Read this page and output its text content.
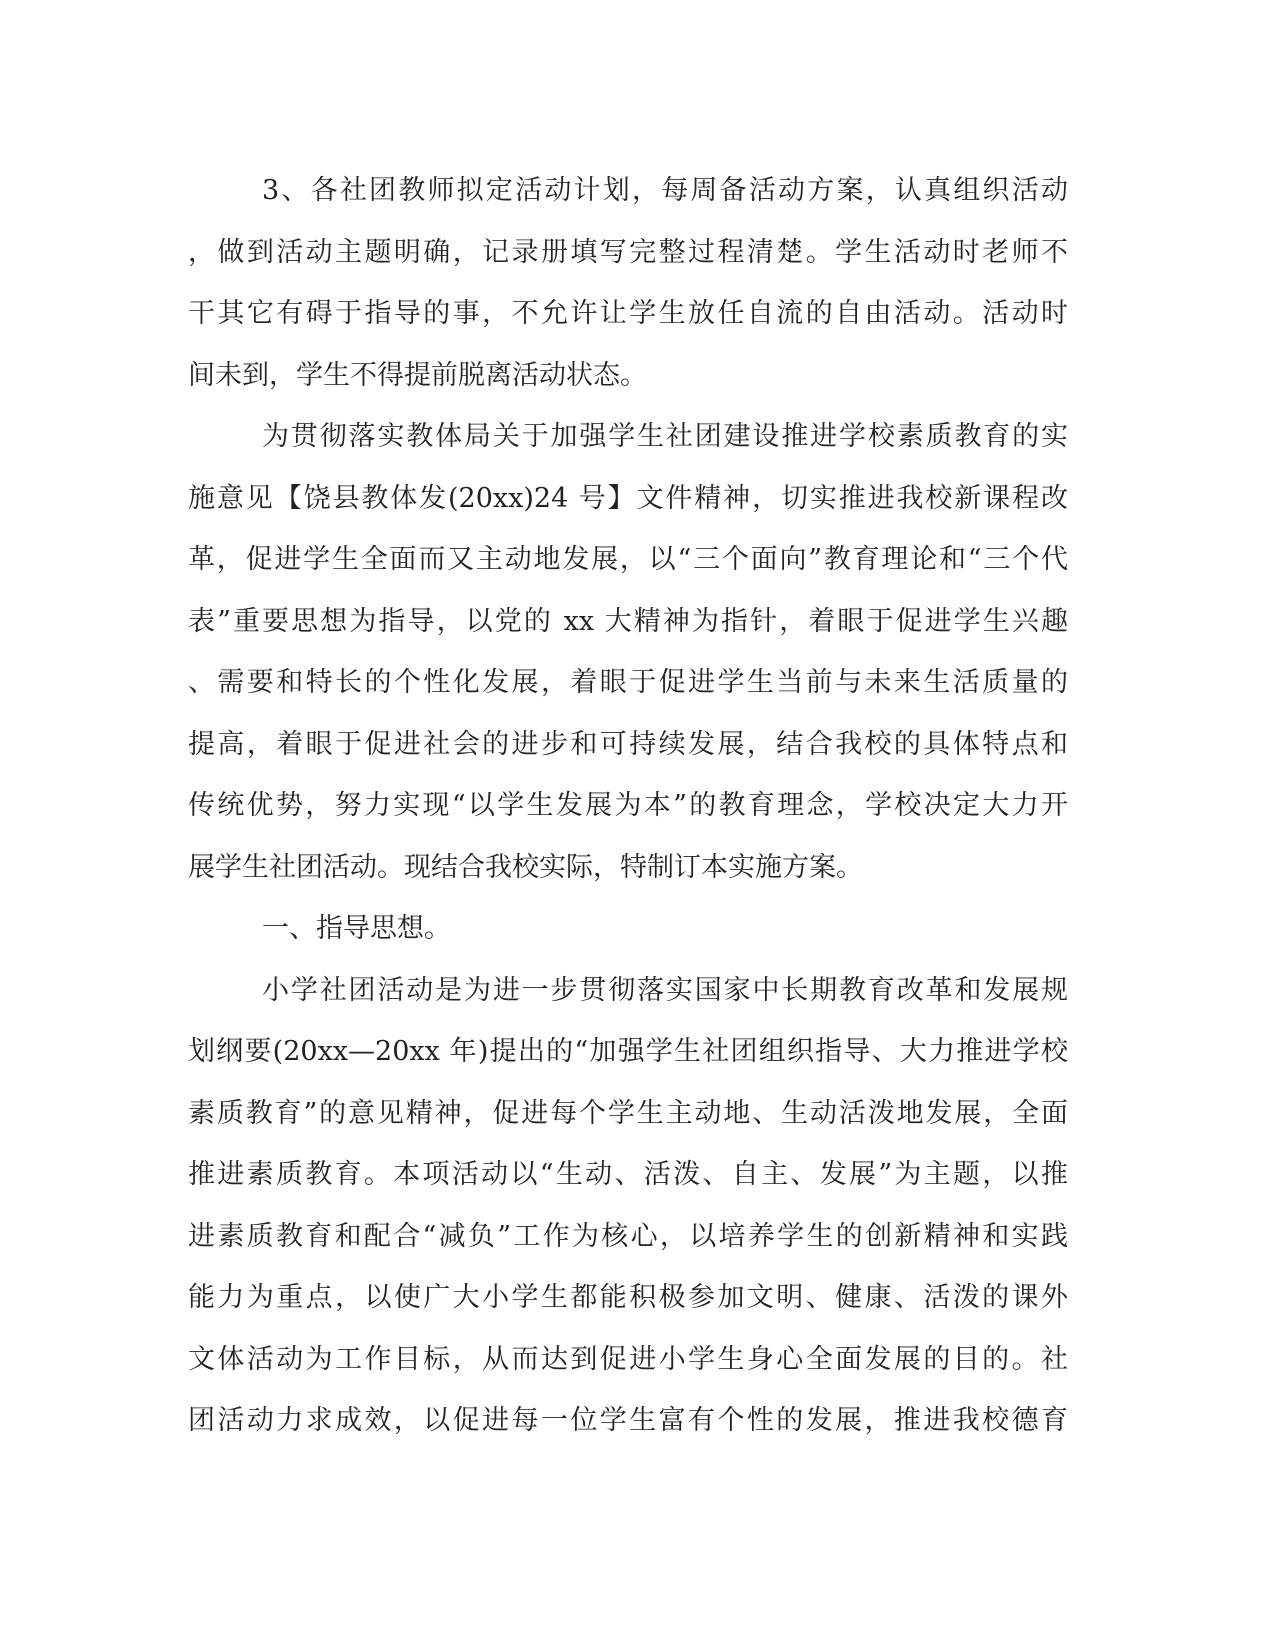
3、各社团教师拟定活动计划，每周备活动方案，认真组织活动
，做到活动主题明确，记录册填写完整过程清楚。学生活动时老师不
干其它有碍于指导的事，不允许让学生放任自流的自由活动。活动时
间未到，学生不得提前脱离活动状态。
为贯彻落实教体局关于加强学生社团建设推进学校素质教育的实
施意见【饶县教体发(20xx)24 号】文件精神，切实推进我校新课程改
革，促进学生全面而又主动地发展，以“三个面向”教育理论和“三个代
表”重要思想为指导，以党的 xx 大精神为指针，着眼于促进学生兴趣
、需要和特长的个性化发展，着眼于促进学生当前与未来生活质量的
提高，着眼于促进社会的进步和可持续发展，结合我校的具体特点和
传统优势，努力实现“以学生发展为本”的教育理念，学校决定大力开
展学生社团活动。现结合我校实际，特制订本实施方案。
一、指导思想。
小学社团活动是为进一步贯彻落实国家中长期教育改革和发展规
划纲要(20xx—20xx 年)提出的“加强学生社团组织指导、大力推进学校
素质教育”的意见精神，促进每个学生主动地、生动活泼地发展，全面
推进素质教育。本项活动以“生动、活泼、自主、发展”为主题，以推
进素质教育和配合“减负”工作为核心，以培养学生的创新精神和实践
能力为重点，以使广大小学生都能积极参加文明、健康、活泼的课外
文体活动为工作目标，从而达到促进小学生身心全面发展的目的。社
团活动力求成效，以促进每一位学生富有个性的发展，推进我校德育
